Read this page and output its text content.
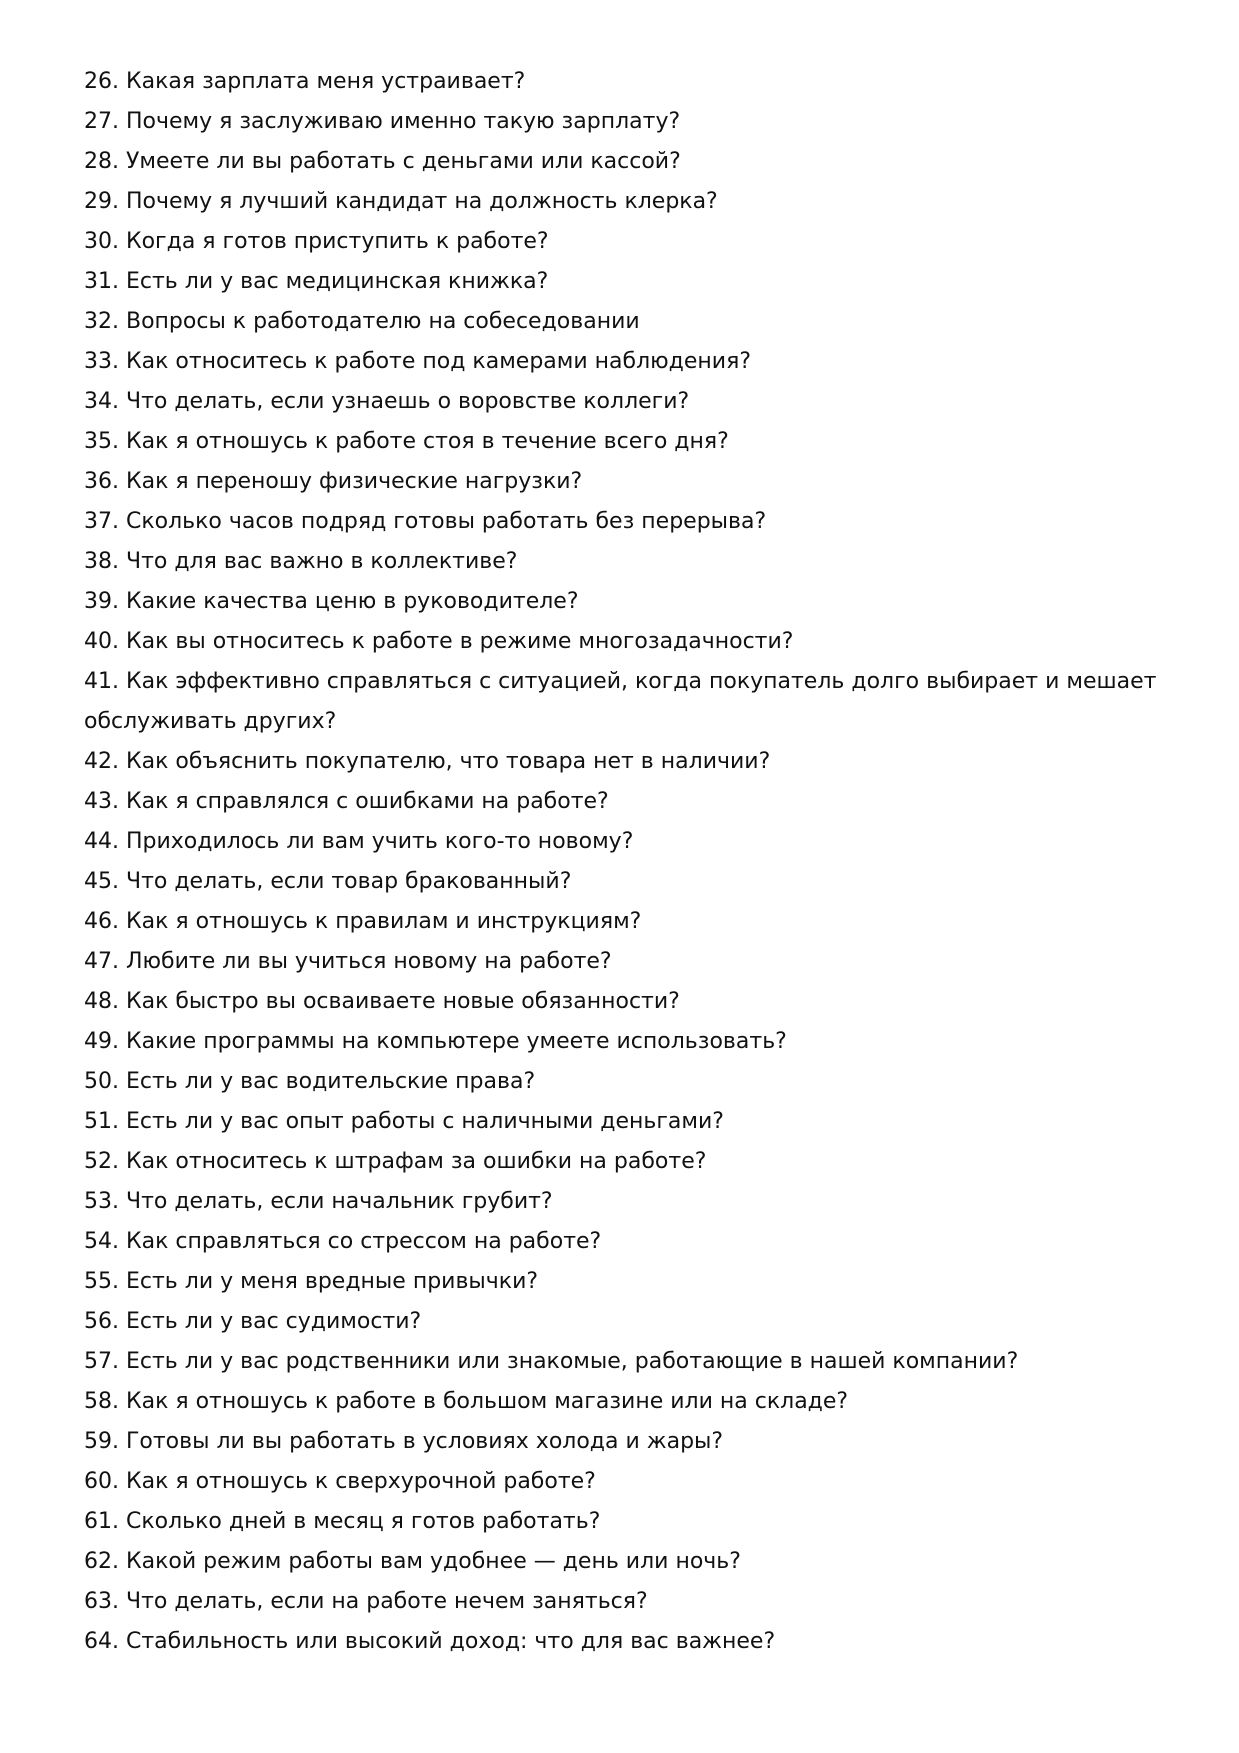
26. Какая зарплата меня устраивает?
27. Почему я заслуживаю именно такую зарплату?
28. Умеете ли вы работать с деньгами или кассой?
29. Почему я лучший кандидат на должность клерка?
30. Когда я готов приступить к работе?
31. Есть ли у вас медицинская книжка?
32. Вопросы к работодателю на собеседовании
33. Как относитесь к работе под камерами наблюдения?
34. Что делать, если узнаешь о воровстве коллеги?
35. Как я отношусь к работе стоя в течение всего дня?
36. Как я переношу физические нагрузки?
37. Сколько часов подряд готовы работать без перерыва?
38. Что для вас важно в коллективе?
39. Какие качества ценю в руководителе?
40. Как вы относитесь к работе в режиме многозадачности?
41. Как эффективно справляться с ситуацией, когда покупатель долго выбирает и мешает обслуживать других?
42. Как объяснить покупателю, что товара нет в наличии?
43. Как я справлялся с ошибками на работе?
44. Приходилось ли вам учить кого-то новому?
45. Что делать, если товар бракованный?
46. Как я отношусь к правилам и инструкциям?
47. Любите ли вы учиться новому на работе?
48. Как быстро вы осваиваете новые обязанности?
49. Какие программы на компьютере умеете использовать?
50. Есть ли у вас водительские права?
51. Есть ли у вас опыт работы с наличными деньгами?
52. Как относитесь к штрафам за ошибки на работе?
53. Что делать, если начальник грубит?
54. Как справляться со стрессом на работе?
55. Есть ли у меня вредные привычки?
56. Есть ли у вас судимости?
57. Есть ли у вас родственники или знакомые, работающие в нашей компании?
58. Как я отношусь к работе в большом магазине или на складе?
59. Готовы ли вы работать в условиях холода и жары?
60. Как я отношусь к сверхурочной работе?
61. Сколько дней в месяц я готов работать?
62. Какой режим работы вам удобнее — день или ночь?
63. Что делать, если на работе нечем заняться?
64. Стабильность или высокий доход: что для вас важнее?
